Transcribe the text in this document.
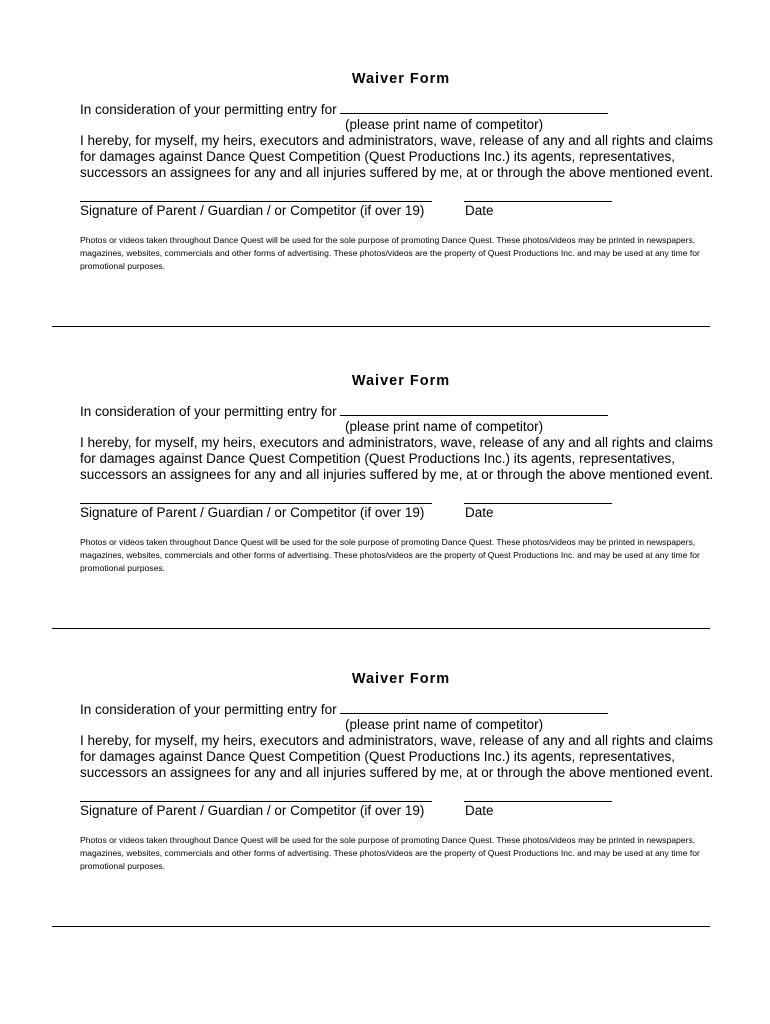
Waiver Form
In consideration of your permitting entry for
(please print name of competitor)
I hereby, for myself, my heirs, executors and administrators, wave, release of any and all rights and claims for damages against Dance Quest Competition (Quest Productions Inc.) its agents, representatives, successors an assignees for any and all injuries suffered by me, at or through the above mentioned event.
Signature of Parent / Guardian / or Competitor (if over 19)	Date
Photos or videos taken throughout Dance Quest will be used for the sole purpose of promoting Dance Quest. These photos/videos may be printed in newspapers, magazines, websites, commercials and other forms of advertising. These photos/videos are the property of Quest Productions Inc. and may be used at any time for promotional purposes.
Waiver Form
In consideration of your permitting entry for
(please print name of competitor)
I hereby, for myself, my heirs, executors and administrators, wave, release of any and all rights and claims for damages against Dance Quest Competition (Quest Productions Inc.) its agents, representatives, successors an assignees for any and all injuries suffered by me, at or through the above mentioned event.
Signature of Parent / Guardian / or Competitor (if over 19)	Date
Photos or videos taken throughout Dance Quest will be used for the sole purpose of promoting Dance Quest. These photos/videos may be printed in newspapers, magazines, websites, commercials and other forms of advertising. These photos/videos are the property of Quest Productions Inc. and may be used at any time for promotional purposes.
Waiver Form
In consideration of your permitting entry for
(please print name of competitor)
I hereby, for myself, my heirs, executors and administrators, wave, release of any and all rights and claims for damages against Dance Quest Competition (Quest Productions Inc.) its agents, representatives, successors an assignees for any and all injuries suffered by me, at or through the above mentioned event.
Signature of Parent / Guardian / or Competitor (if over 19)	Date
Photos or videos taken throughout Dance Quest will be used for the sole purpose of promoting Dance Quest. These photos/videos may be printed in newspapers, magazines, websites, commercials and other forms of advertising. These photos/videos are the property of Quest Productions Inc. and may be used at any time for promotional purposes.
